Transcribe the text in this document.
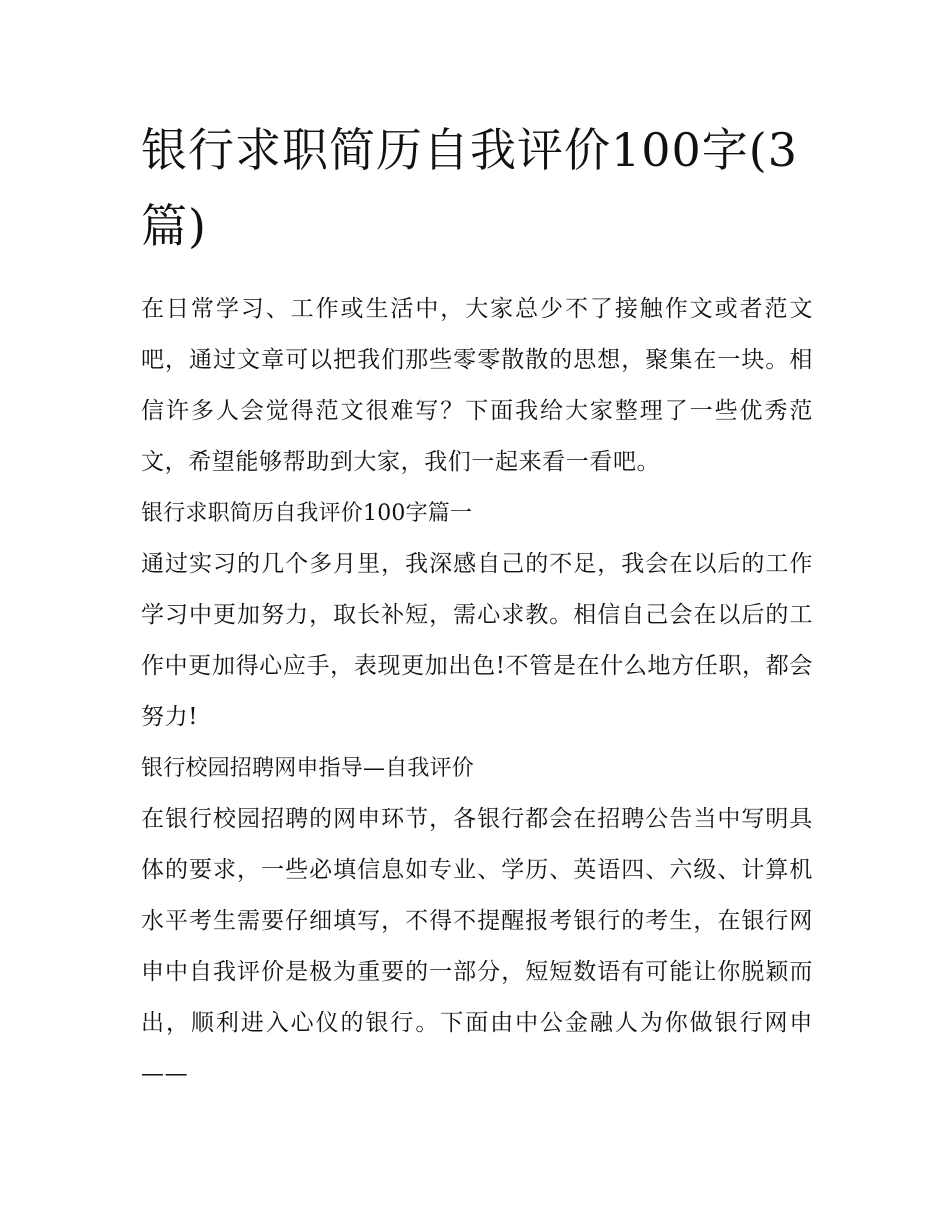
银行求职简历自我评价100字(3篇)

在日常学习、工作或生活中，大家总少不了接触作文或者范文吧，通过文章可以把我们那些零零散散的思想，聚集在一块。相信许多人会觉得范文很难写？下面我给大家整理了一些优秀范文，希望能够帮助到大家，我们一起来看一看吧。

银行求职简历自我评价100字篇一

通过实习的几个多月里，我深感自己的不足，我会在以后的工作学习中更加努力，取长补短，需心求教。相信自己会在以后的工作中更加得心应手，表现更加出色!不管是在什么地方任职，都会努力!

银行校园招聘网申指导—自我评价

在银行校园招聘的网申环节，各银行都会在招聘公告当中写明具体的要求，一些必填信息如专业、学历、英语四、六级、计算机水平考生需要仔细填写，不得不提醒报考银行的考生，在银行网申中自我评价是极为重要的一部分，短短数语有可能让你脱颖而出，顺利进入心仪的银行。下面由中公金融人为你做银行网申——
